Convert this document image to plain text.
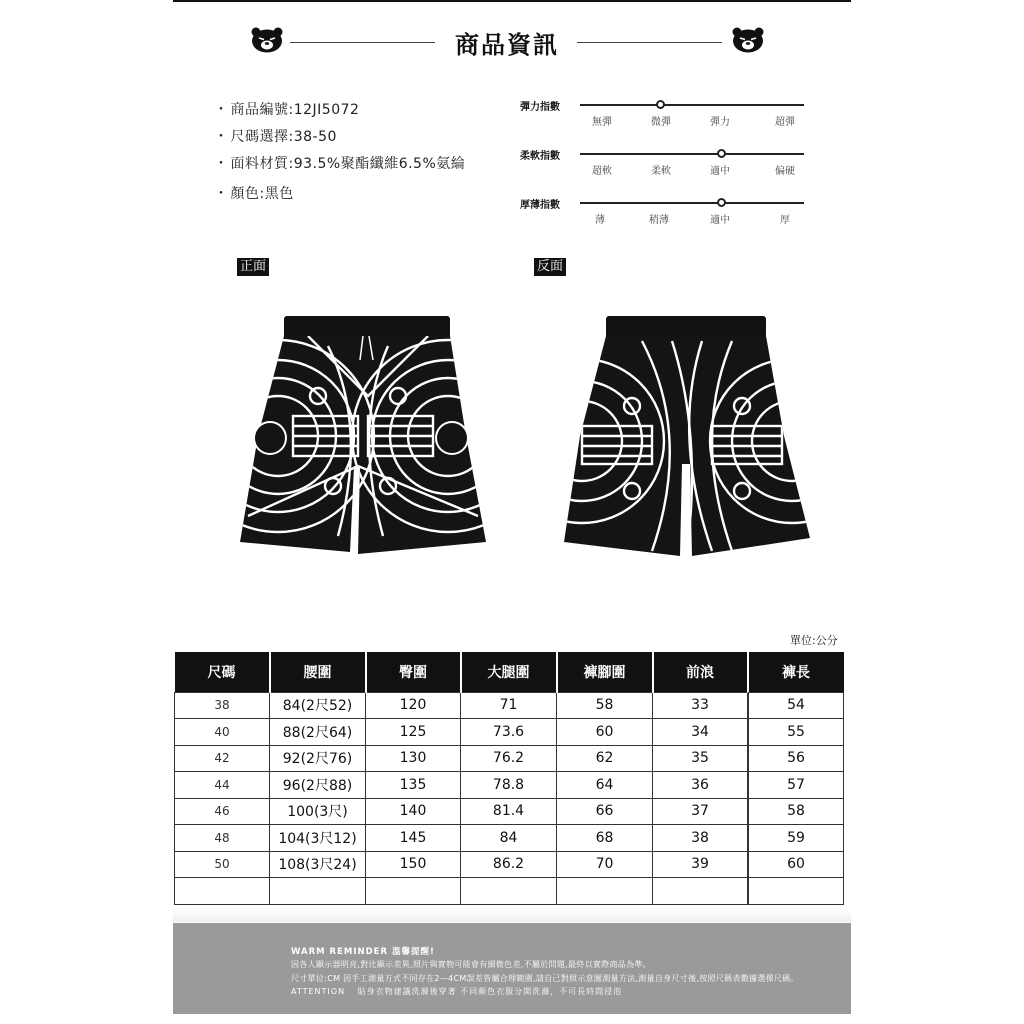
商品資訊
・ 商品編號:12JI5072
・ 尺碼選擇:38-50
・ 面料材質:93.5%聚酯纖維6.5%氨綸
・ 顏色:黑色
彈力指數
無彈	微彈	彈力	超彈
柔軟指數
超軟	柔軟	適中	偏硬
厚薄指數
薄	稍薄	適中	厚
正面	反面
單位:公分
尺碼	腰圍	臀圍	大腿圍	褲腳圍	前浪		褲長
38	84(2尺52)	120	71	58	33		54
40	88(2尺64)	125	73.6	60	34		55
42	92(2尺76)	130	76.2	62	35		56
44	96(2尺88)	135	78.8	64	36		57
46	100(3尺)	140	81.4	66	37		58
48	104(3尺12)	145	84	68	38		59
50	108(3尺24)	150	86.2	70	39		60

WARM REMINDER 溫馨提醒!
因各人顯示器明亮,對比顯示差異,照片與實物可能會有細微色差,不屬於問題,最終以實際商品為準。
尺寸單位:CM 因手工測量方式不同存在2—4CM誤差皆屬合理範圍,請自己對照示意圖測量方法,測量自身尺寸後,按照尺碼表數據選擇尺碼。
ATTENTION　 貼身衣物建議洗滌後穿著 不同顏色衣服分開洗滌，不可長時間浸泡
